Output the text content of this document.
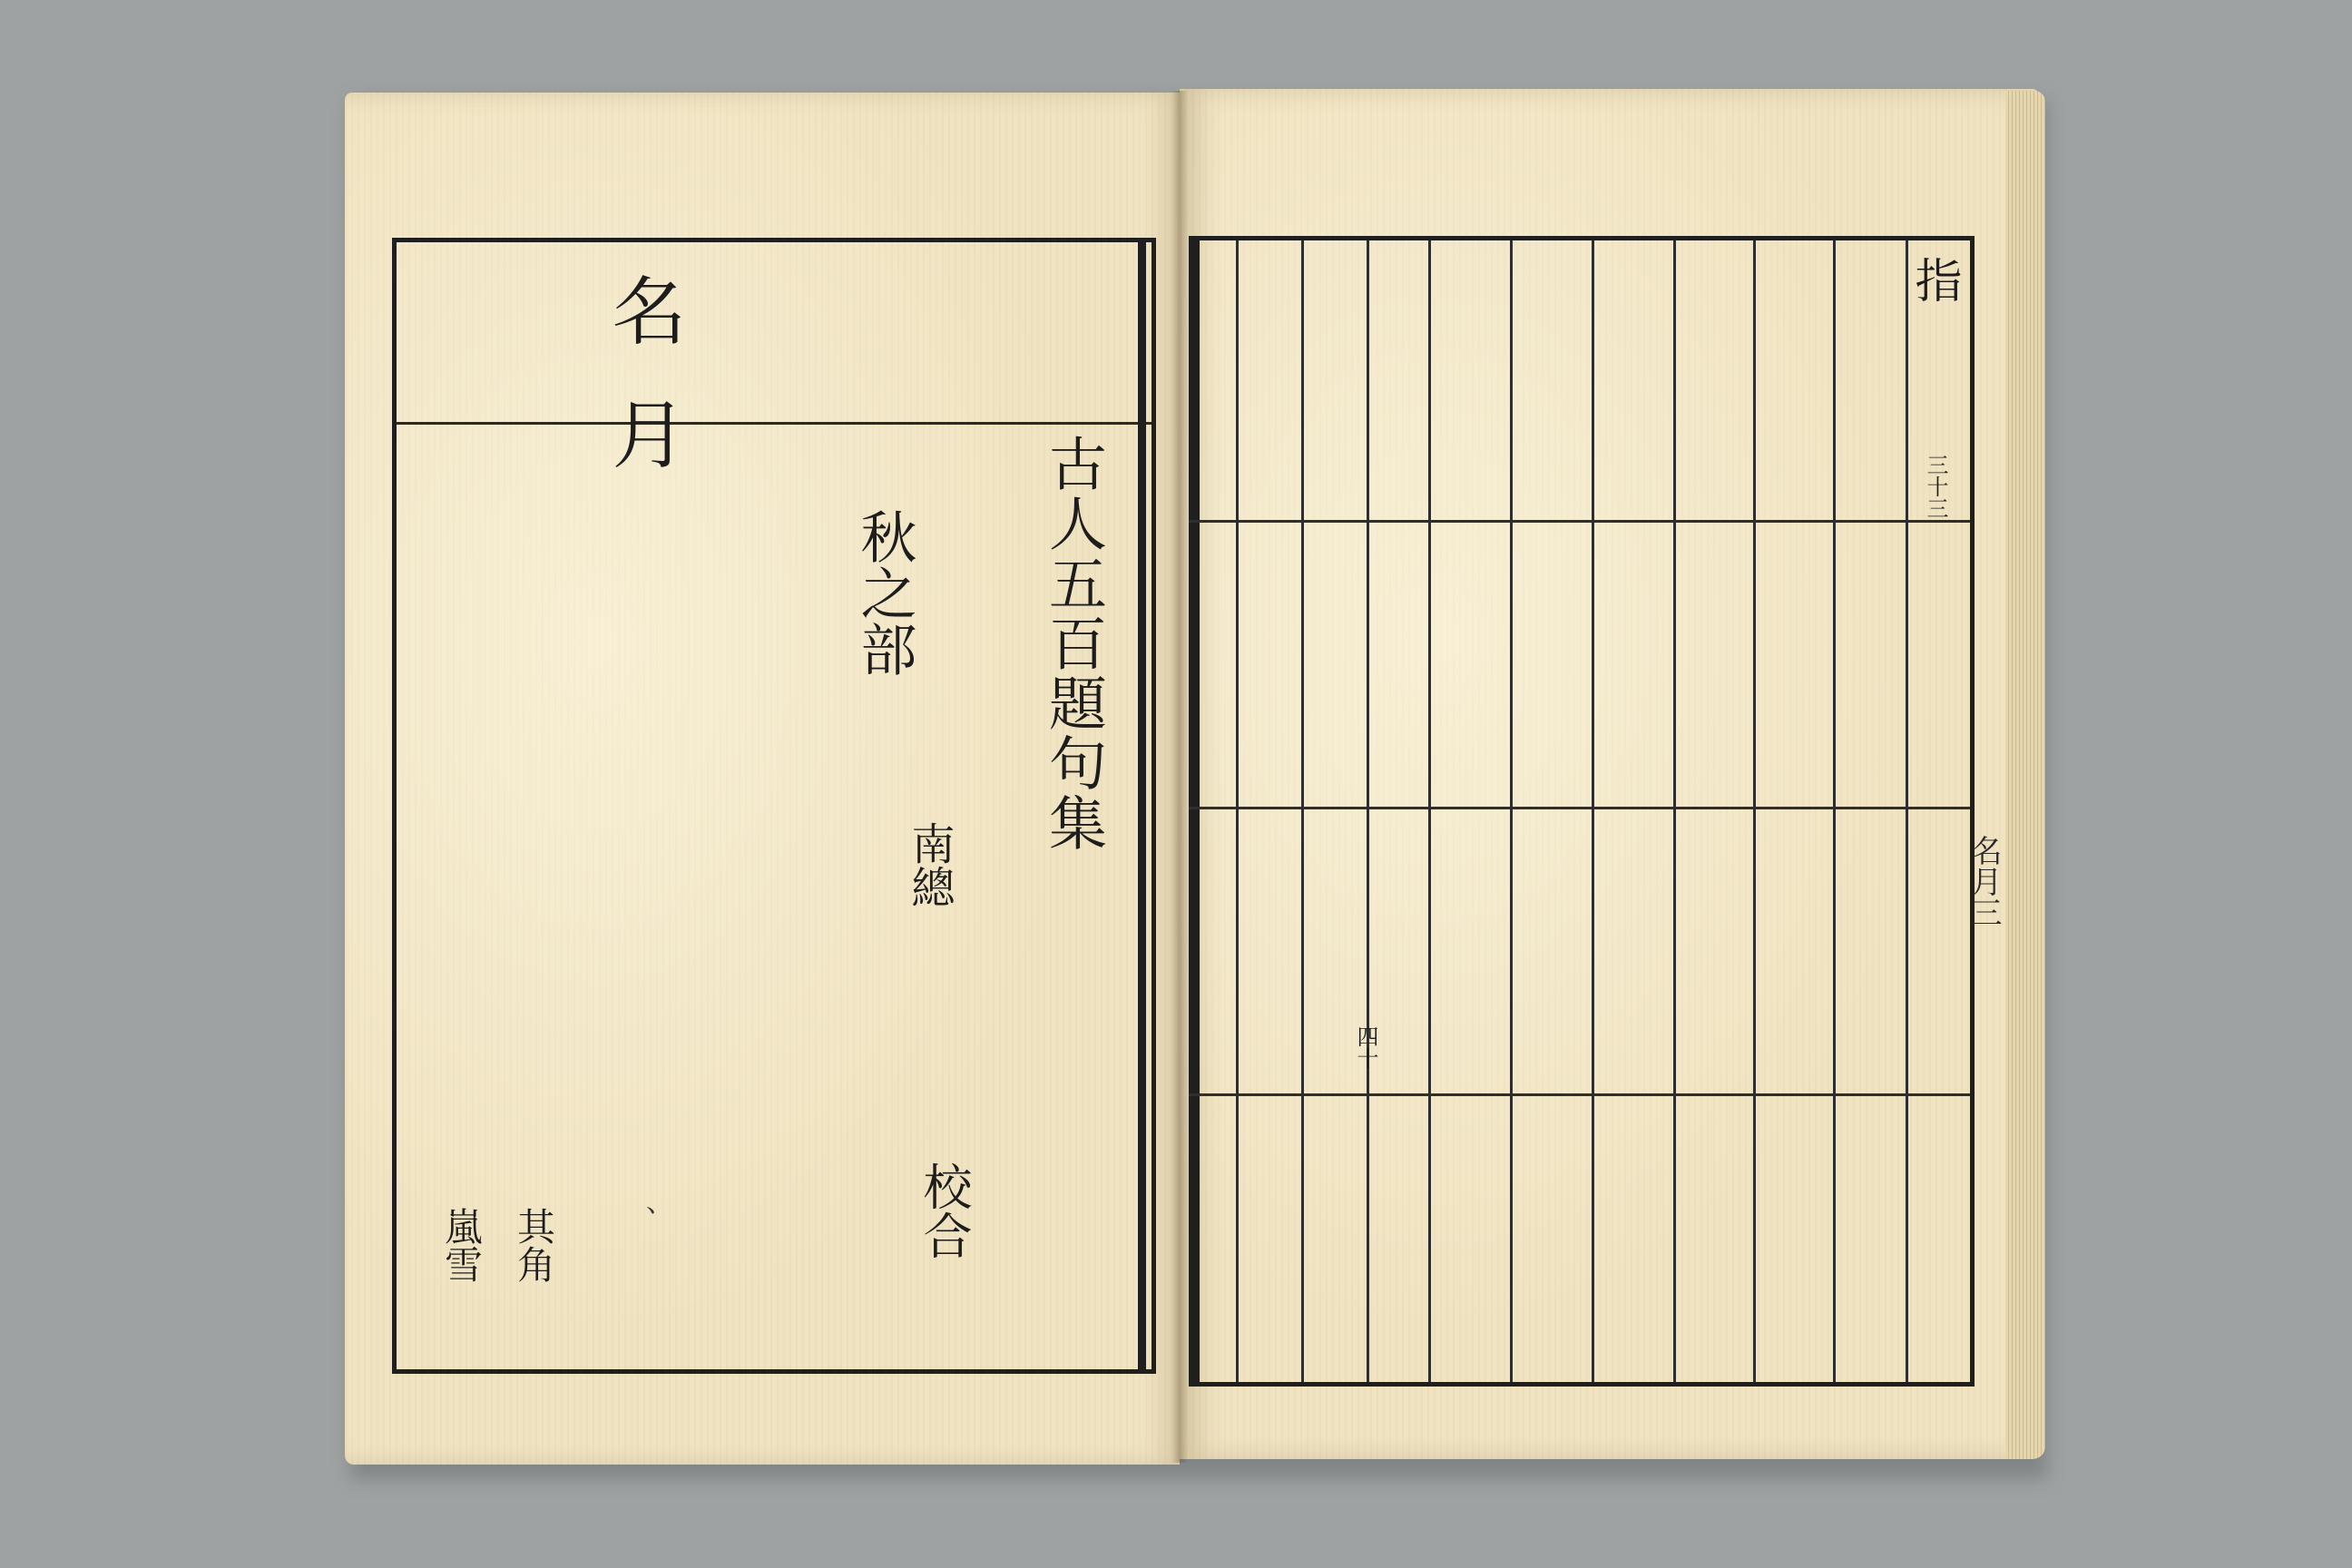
名月
古人五百題句集
秋之部
南總
校合
、
其角
嵐雪
名月三
指
三十三
四十
